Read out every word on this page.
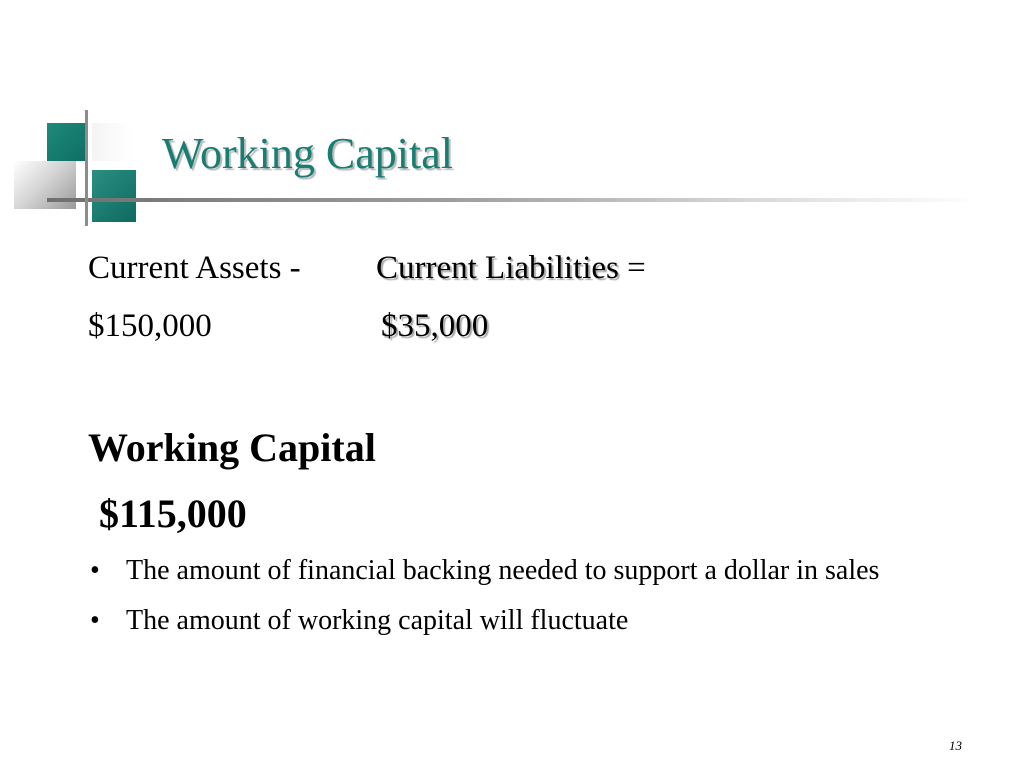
Working Capital
Current Assets - Current Liabilities =
$150,000	$35,000
Working Capital
$115,000
• The amount of financial backing needed to support a dollar in sales
• The amount of working capital will fluctuate
13
